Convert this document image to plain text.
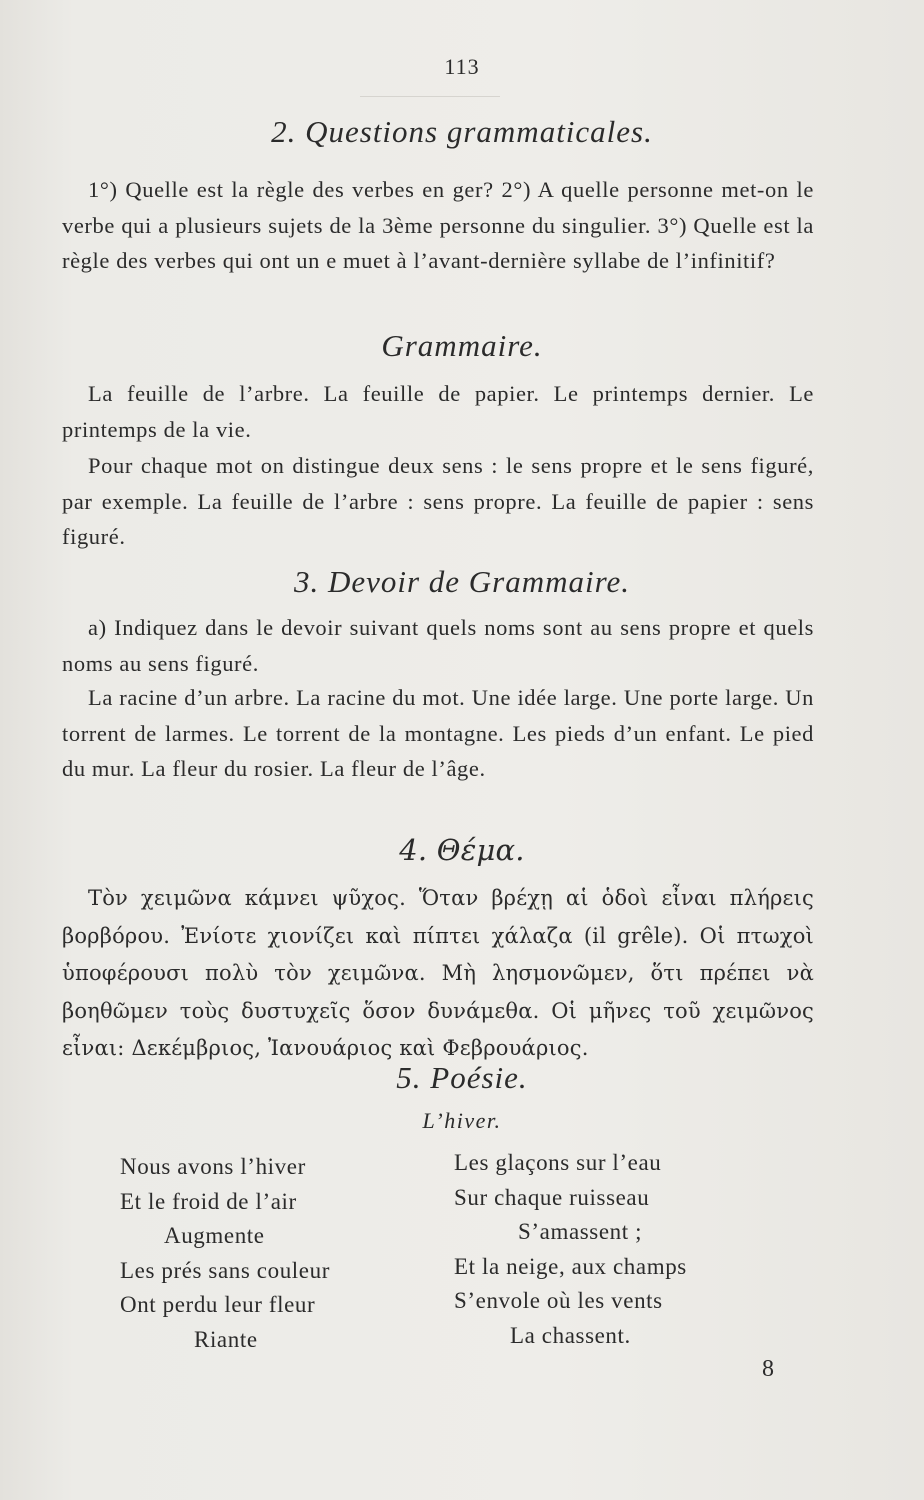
113
2. Questions grammaticales.
1°) Quelle est la règle des verbes en ger? 2°) A quelle personne met-on le verbe qui a plusieurs sujets de la 3ème personne du singulier. 3°) Quelle est la règle des verbes qui ont un e muet à l’avant-dernière syllabe de l’infinitif?
Grammaire.
La feuille de l’arbre. La feuille de papier. Le printemps dernier. Le printemps de la vie.
Pour chaque mot on distingue deux sens : le sens propre et le sens figuré, par exemple. La feuille de l’arbre : sens propre. La feuille de papier : sens figuré.
3. Devoir de Grammaire.
a) Indiquez dans le devoir suivant quels noms sont au sens propre et quels noms au sens figuré.
La racine d’un arbre. La racine du mot. Une idée large. Une porte large. Un torrent de larmes. Le torrent de la montagne. Les pieds d’un enfant. Le pied du mur. La fleur du rosier. La fleur de l’âge.
4. Θέμα.
Τὸν χειμῶνα κάμνει ψῦχος. Ὅταν βρέχῃ αἱ ὁδοὶ εἶναι πλήρεις βορβόρου. Ἐνίοτε χιονίζει καὶ πίπτει χάλαζα (il grêle). Οἱ πτωχοὶ ὑποφέρουσι πολὺ τὸν χειμῶνα. Μὴ λησμονῶμεν, ὅτι πρέπει νὰ βοηθῶμεν τοὺς δυστυχεῖς ὅσον δυνάμεθα. Οἱ μῆνες τοῦ χειμῶνος εἶναι: Δεκέμβριος, Ἰανουάριος καὶ Φεβρουάριος.
5. Poésie.
L’hiver.
Nous avons l’hiver
Et le froid de l’air
Augmente
Les prés sans couleur
Ont perdu leur fleur
Riante
Les glaçons sur l’eau
Sur chaque ruisseau
S’amassent ;
Et la neige, aux champs
S’envole où les vents
La chassent.
8
